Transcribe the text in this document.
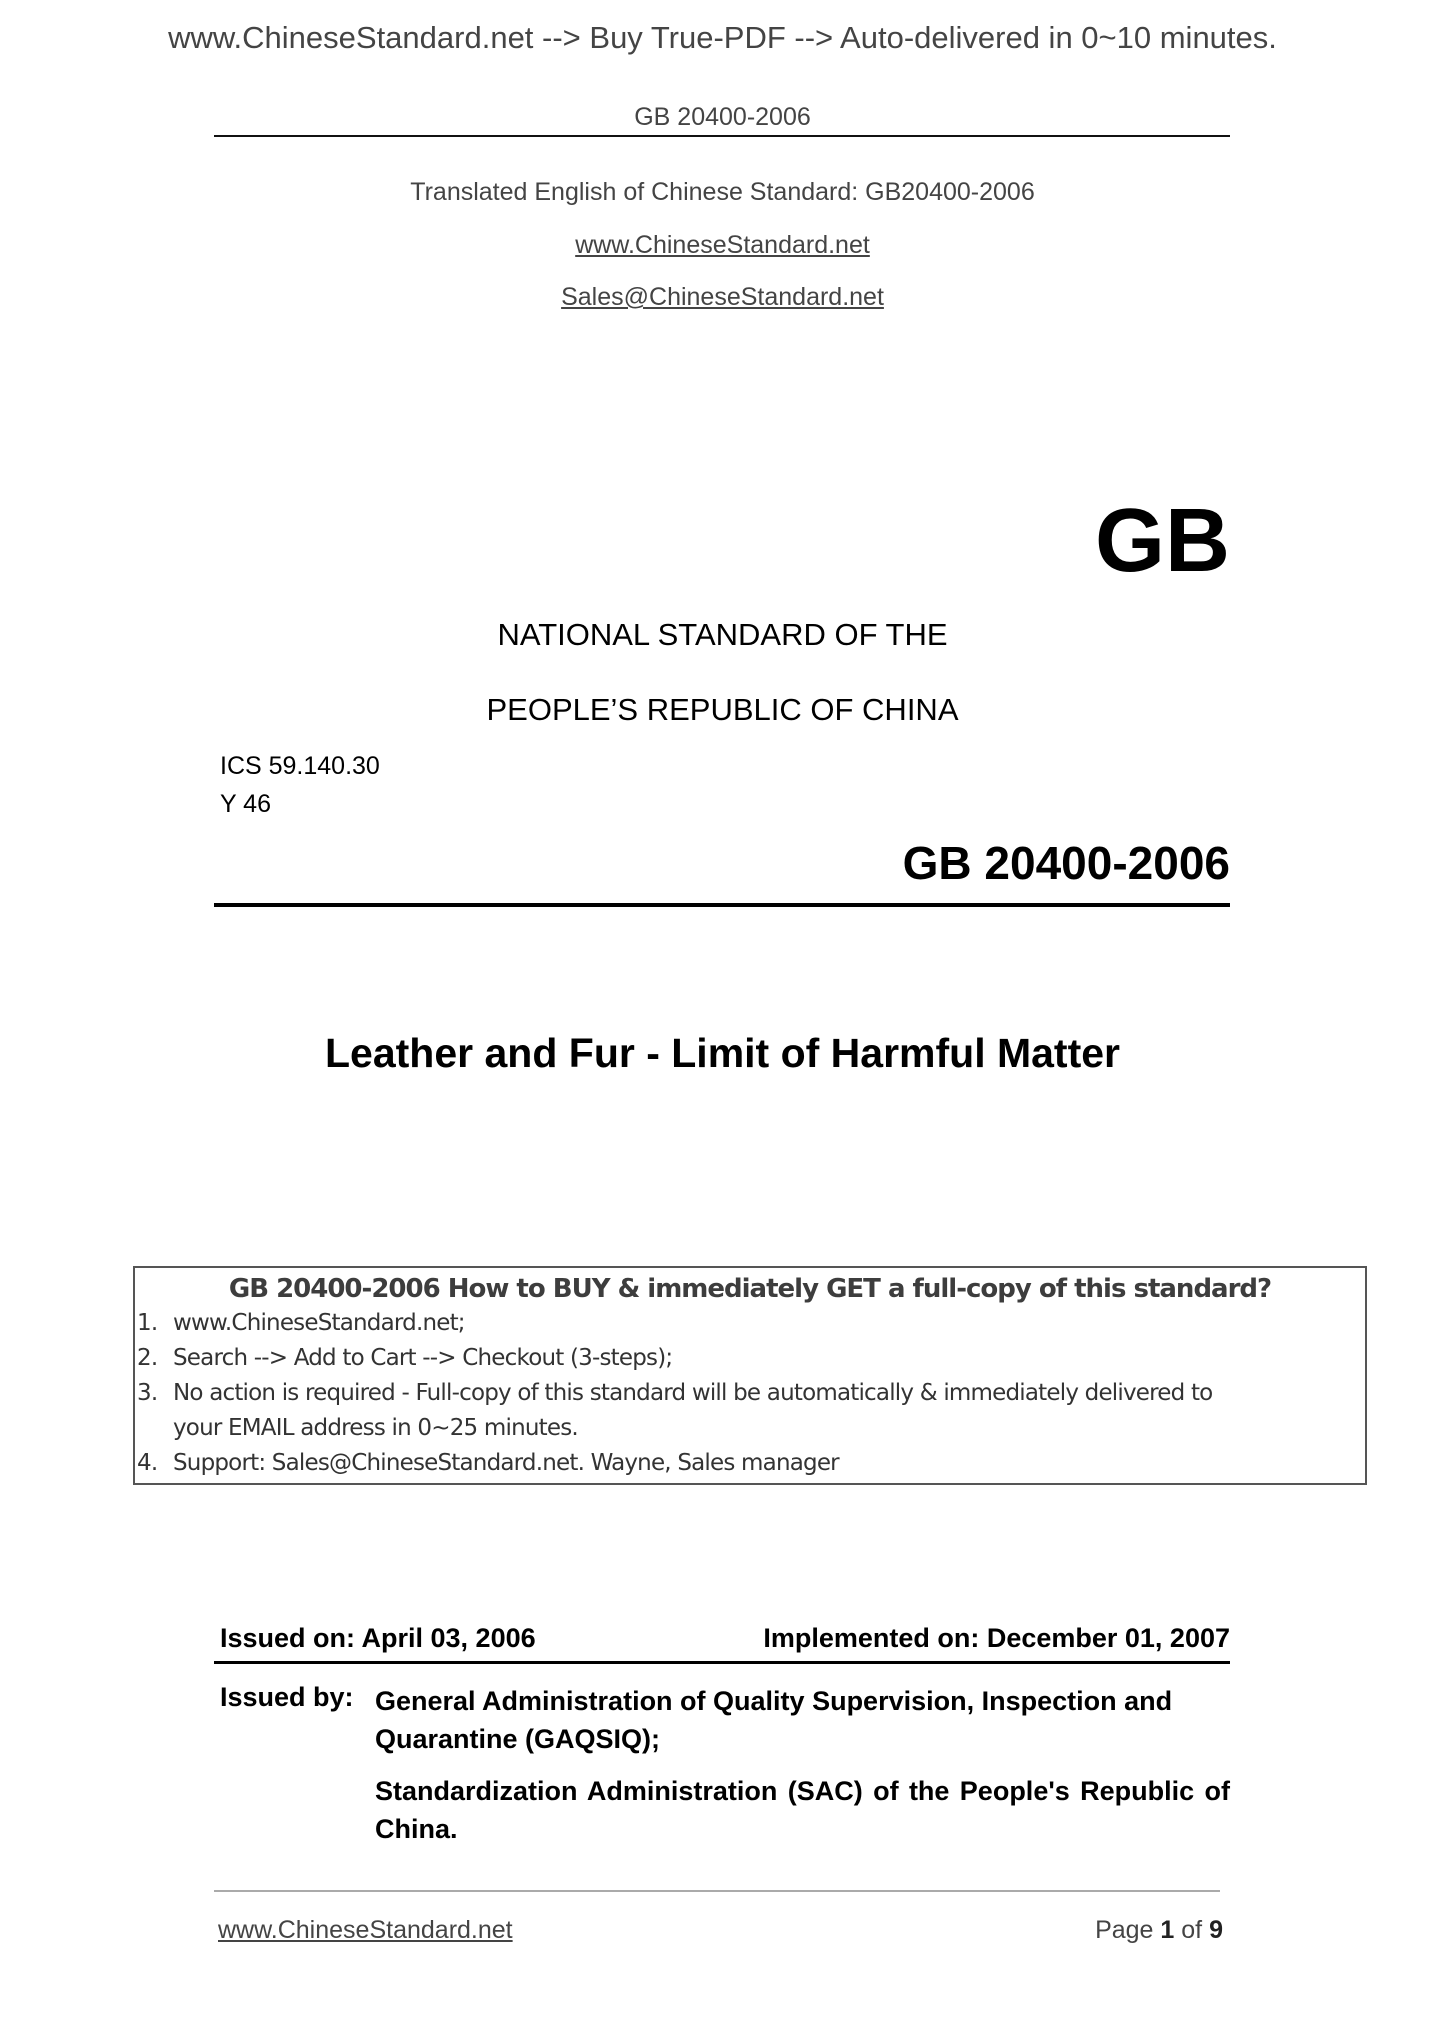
www.ChineseStandard.net --> Buy True-PDF --> Auto-delivered in 0~10 minutes.
GB 20400-2006
Translated English of Chinese Standard: GB20400-2006
www.ChineseStandard.net
Sales@ChineseStandard.net
GB
NATIONAL STANDARD OF THE
PEOPLE’S REPUBLIC OF CHINA
ICS 59.140.30
Y 46
GB 20400-2006
Leather and Fur - Limit of Harmful Matter
GB 20400-2006 How to BUY & immediately GET a full-copy of this standard?
1. www.ChineseStandard.net;
2. Search --> Add to Cart --> Checkout (3-steps);
3. No action is required - Full-copy of this standard will be automatically & immediately delivered to
your EMAIL address in 0~25 minutes.
4. Support: Sales@ChineseStandard.net. Wayne, Sales manager
Issued on: April 03, 2006	Implemented on: December 01, 2007
Issued by: General Administration of Quality Supervision, Inspection and Quarantine (GAQSIQ);
Standardization Administration (SAC) of the People's Republic of China.
www.ChineseStandard.net	Page 1 of 9
